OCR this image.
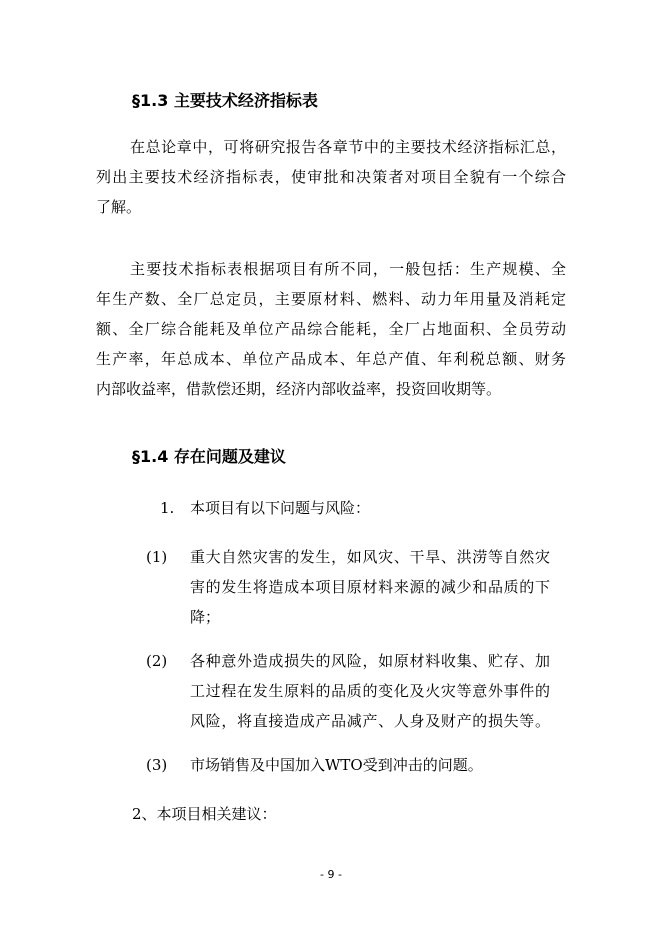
§1.3 主要技术经济指标表
在总论章中，可将研究报告各章节中的主要技术经济指标汇总，
列出主要技术经济指标表，使审批和决策者对项目全貌有一个综合
了解。
主要技术指标表根据项目有所不同，一般包括：生产规模、全
年生产数、全厂总定员，主要原材料、燃料、动力年用量及消耗定
额、全厂综合能耗及单位产品综合能耗，全厂占地面积、全员劳动
生产率，年总成本、单位产品成本、年总产值、年利税总额、财务
内部收益率，借款偿还期，经济内部收益率，投资回收期等。
§1.4 存在问题及建议
1. 本项目有以下问题与风险：
(1) 重大自然灾害的发生，如风灾、干旱、洪涝等自然灾
害的发生将造成本项目原材料来源的减少和品质的下
降；
(2) 各种意外造成损失的风险，如原材料收集、贮存、加
工过程在发生原料的品质的变化及火灾等意外事件的
风险，将直接造成产品减产、人身及财产的损失等。
(3) 市场销售及中国加入WTO受到冲击的问题。
2、本项目相关建议：
- 9 -
